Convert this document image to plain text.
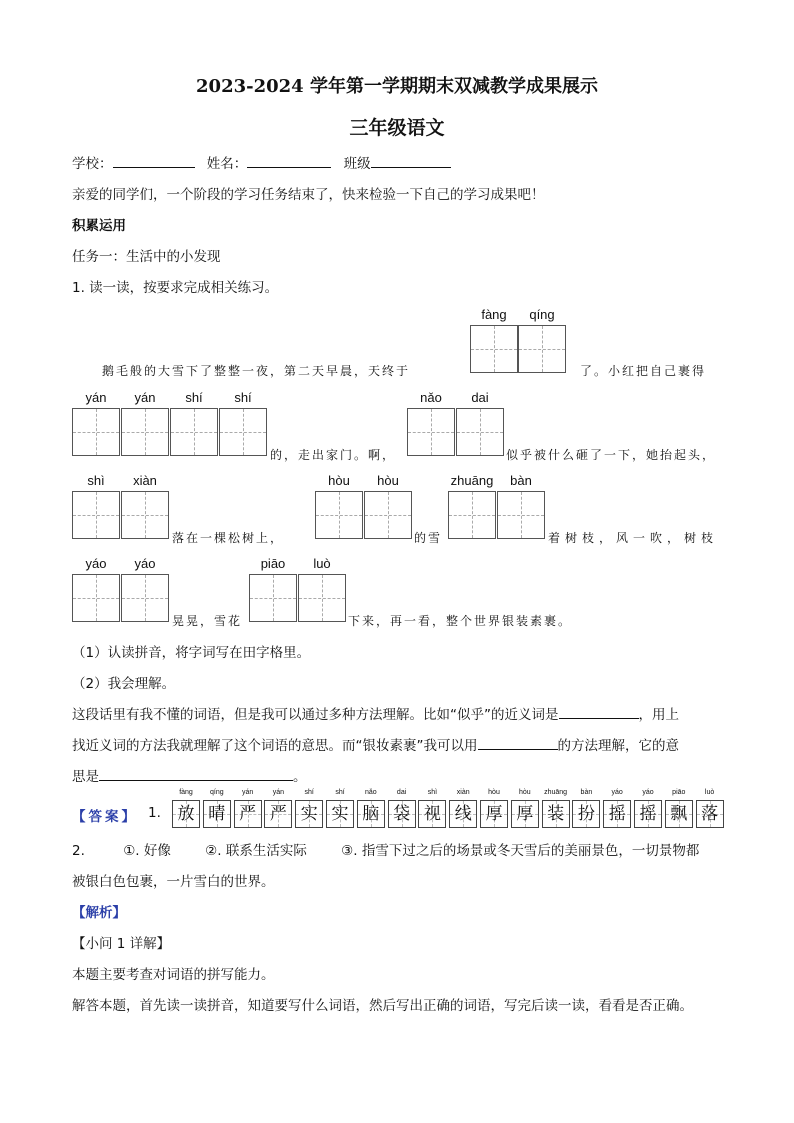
2023-2024 学年第一学期期末双减教学成果展示
三年级语文
学校：	姓名：	班级
亲爱的同学们，一个阶段的学习任务结束了，快来检验一下自己的学习成果吧！
积累运用
任务一：生活中的小发现
1. 读一读，按要求完成相关练习。
fàng	qíng
鹅毛般的大雪下了整整一夜，第二天早晨，天终于	了。小红把自己裹得
yán	yán	shí	shí
的，走出家门。啊，
nǎo	dai
似乎被什么砸了一下，她抬起头，
shì	xiàn
落在一棵松树上，
hòu	hòu
的雪
zhuāng	bàn
着树枝，风一吹，树枝
yáo	yáo
晃晃，雪花
piāo	luò
下来，再一看，整个世界银装素裹。
（1）认读拼音，将字词写在田字格里。
（2）我会理解。
这段话里有我不懂的词语，但是我可以通过多种方法理解。比如“似乎”的近义词是	，用上
找近义词的方法我就理解了这个词语的意思。而“银妆素裹”我可以用	的方法理解，它的意
思是	。
【答案】 1.
fàng
放
qíng
晴
yán
严
yán
严
shí
实
shí
实
nǎo
脑
dai
袋
shì
视
xiàn
线
hòu
厚
hòu
厚
zhuāng
装
bàn
扮
yáo
摇
yáo
摇
piāo
飘
luò
落
2.	①. 好像	②. 联系生活实际	③. 指雪下过之后的场景或冬天雪后的美丽景色，一切景物都
被银白色包裹，一片雪白的世界。
【解析】
【小问 1 详解】
本题主要考查对词语的拼写能力。
解答本题，首先读一读拼音，知道要写什么词语，然后写出正确的词语，写完后读一读，看看是否正确。
